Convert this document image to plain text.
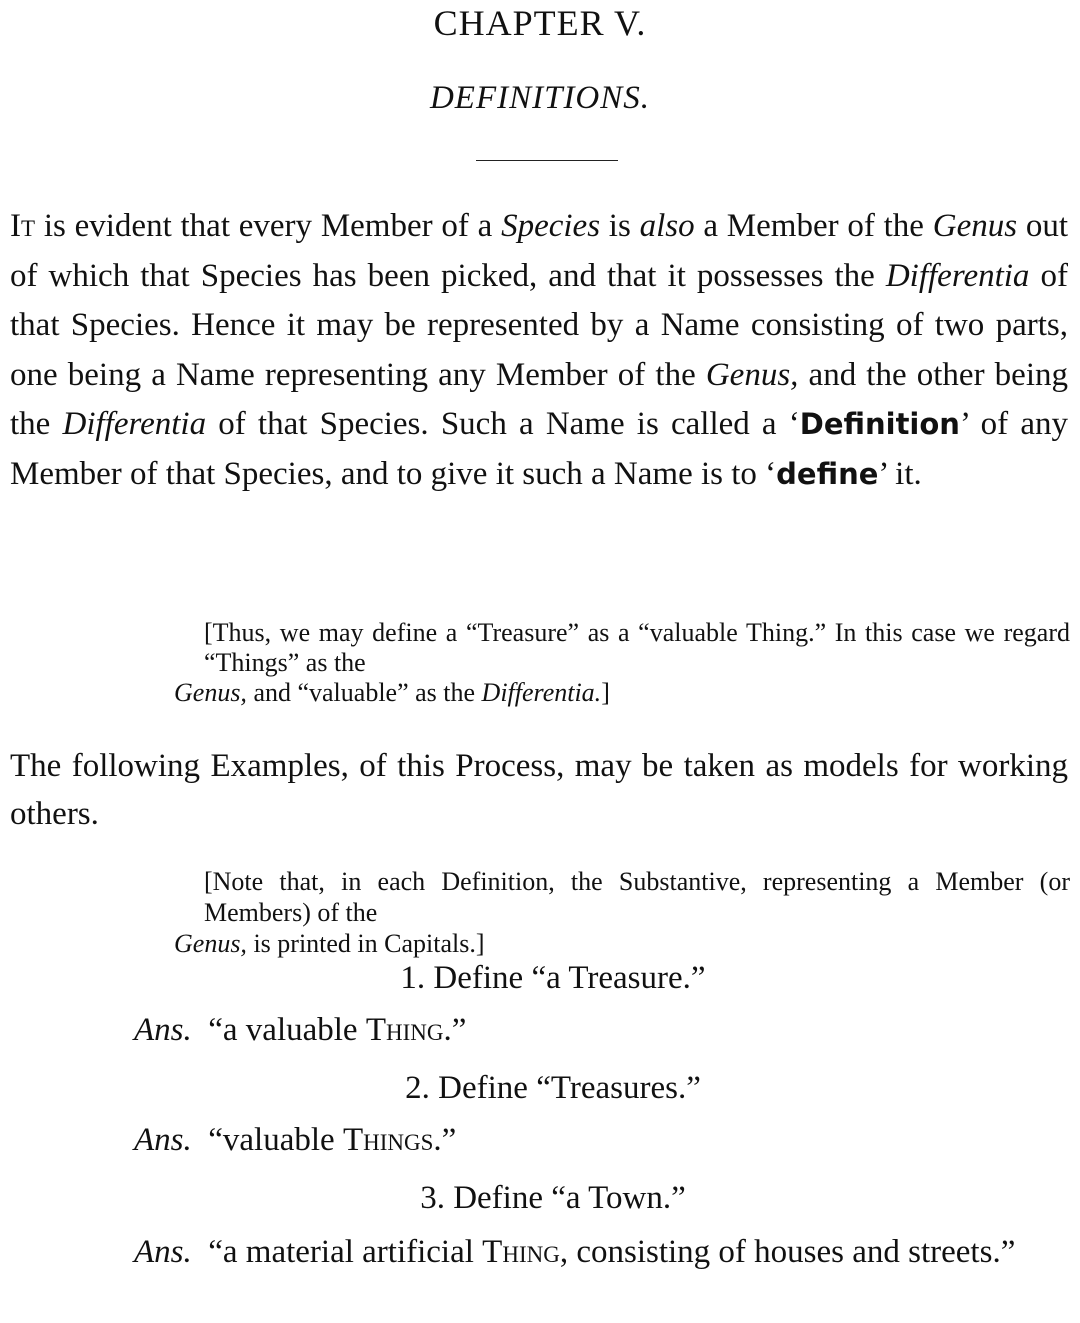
CHAPTER V.
DEFINITIONS.

It is evident that every Member of a Species is also a Member of the Genus out of which that Species has been picked, and that it possesses the Differentia of that Species. Hence it may be represented by a Name consisting of two parts, one being a Name representing any Member of the Genus, and the other being the Differentia of that Species. Such a Name is called a ‘Definition’ of any Member of that Species, and to give it such a Name is to ‘define’ it.

[Thus, we may define a “Treasure” as a “valuable Thing.” In this case we regard “Things” as theGenus, and “valuable” as the Differentia.]

The following Examples, of this Process, may be taken as models for working others.

[Note that, in each Definition, the Substantive, representing a Member (or Members) of theGenus, is printed in Capitals.]

1. Define “a Treasure.”

Ans. “a valuable Thing.”

2. Define “Treasures.”

Ans. “valuable Things.”

3. Define “a Town.”

Ans. “a material artificial Thing, consisting of houses and streets.”
